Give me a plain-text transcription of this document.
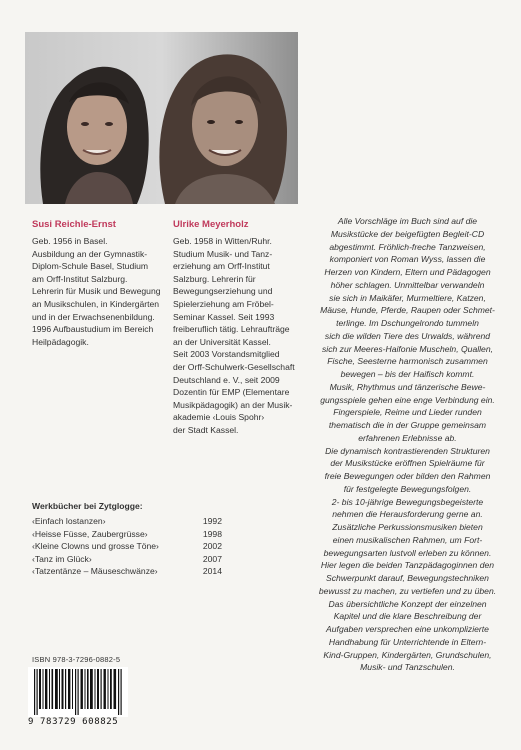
Susi Reichle-Ernst
Geb. 1956 in Basel.
Ausbildung an der Gymnastik-
Diplom-Schule Basel, Studium
am Orff-Institut Salzburg.
Lehrerin für Musik und Bewegung
an Musikschulen, in Kindergärten
und in der Erwachsenenbildung.
1996 Aufbaustudium im Bereich
Heilpädagogik.
Ulrike Meyerholz
Geb. 1958 in Witten/Ruhr.
Studium Musik- und Tanz-
erziehung am Orff-Institut
Salzburg. Lehrerin für
Bewegungserziehung und
Spielerziehung am Fröbel-
Seminar Kassel. Seit 1993
freiberuflich tätig. Lehraufträge
an der Universität Kassel.
Seit 2003 Vorstandsmitglied
der Orff-Schulwerk-Gesellschaft
Deutschland e. V., seit 2009
Dozentin für EMP (Elementare
Musikpädagogik) an der Musik-
akademie ‹Louis Spohr›
der Stadt Kassel.
Alle Vorschläge im Buch sind auf die
Musikstücke der beigefügten Begleit-CD
abgestimmt. Fröhlich-freche Tanzweisen,
komponiert von Roman Wyss, lassen die
Herzen von Kindern, Eltern und Pädagogen
höher schlagen. Unmittelbar verwandeln
sie sich in Maikäfer, Murmeltiere, Katzen,
Mäuse, Hunde, Pferde, Raupen oder Schmet-
terlinge. Im Dschungelrondo tummeln
sich die wilden Tiere des Urwalds, während
sich zur Meeres-Haifonie Muscheln, Quallen,
Fische, Seesterne harmonisch zusammen
bewegen – bis der Haifisch kommt.
Musik, Rhythmus und tänzerische Bewe-
gungsspiele gehen eine enge Verbindung ein.
Fingerspiele, Reime und Lieder runden
thematisch die in der Gruppe gemeinsam
erfahrenen Erlebnisse ab.
Die dynamisch kontrastierenden Strukturen
der Musikstücke eröffnen Spielräume für
freie Bewegungen oder bilden den Rahmen
für festgelegte Bewegungsfolgen.
2- bis 10-jährige Bewegungsbegeisterte
nehmen die Herausforderung gerne an.
Zusätzliche Perkussionsmusiken bieten
einen musikalischen Rahmen, um Fort-
bewegungsarten lustvoll erleben zu können.
Hier legen die beiden Tanzpädagoginnen den
Schwerpunkt darauf, Bewegungstechniken
bewusst zu machen, zu vertiefen und zu üben.
Das übersichtliche Konzept der einzelnen
Kapitel und die klare Beschreibung der
Aufgaben versprechen eine unkomplizierte
Handhabung für Unterrichtende in Eltern-
Kind-Gruppen, Kindergärten, Grundschulen,
Musik- und Tanzschulen.
Werkbücher bei Zytglogge:
‹Einfach lostanzen›	1992
‹Heisse Füsse, Zaubergrüsse›	1998
‹Kleine Clowns und grosse Töne›	2002
‹Tanz im Glück›	2007
‹Tatzentänze – Mäuseschwänze›	2014
ISBN 978-3-7296-0882-5
9 783729 608825
